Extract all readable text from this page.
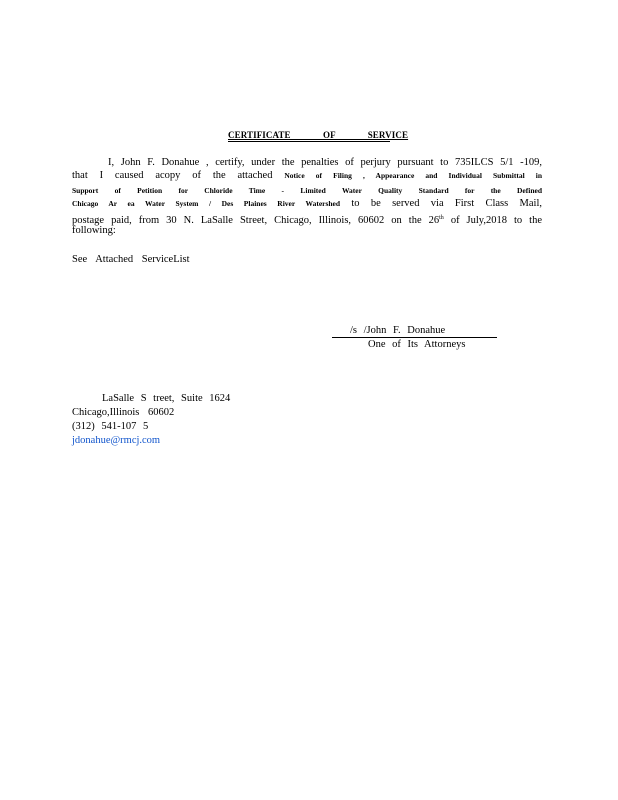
CERTIFICATE OF SERVICE
I, John F. Donahue , certify, under the penalties of perjury pursuant to 735ILCS 5/1 -109,
that I caused acopy of the attached Notice of Filing , Appearance and Individual Submittal in
Support of Petition for Chloride Time - Limited Water Quality Standard for the Defined
Chicago Ar ea Water System / Des Plaines River Watershed to be served via First Class Mail,
postage paid, from 30 N. LaSalle Street, Chicago, Illinois, 60602 on the 26th of July,2018 to the
following:
See Attached ServiceList
/s /John F. Donahue
One of Its Attorneys
LaSalle S treet, Suite 1624
Chicago,Illinois 60602
(312) 541-107 5
jdonahue@rmcj.com
